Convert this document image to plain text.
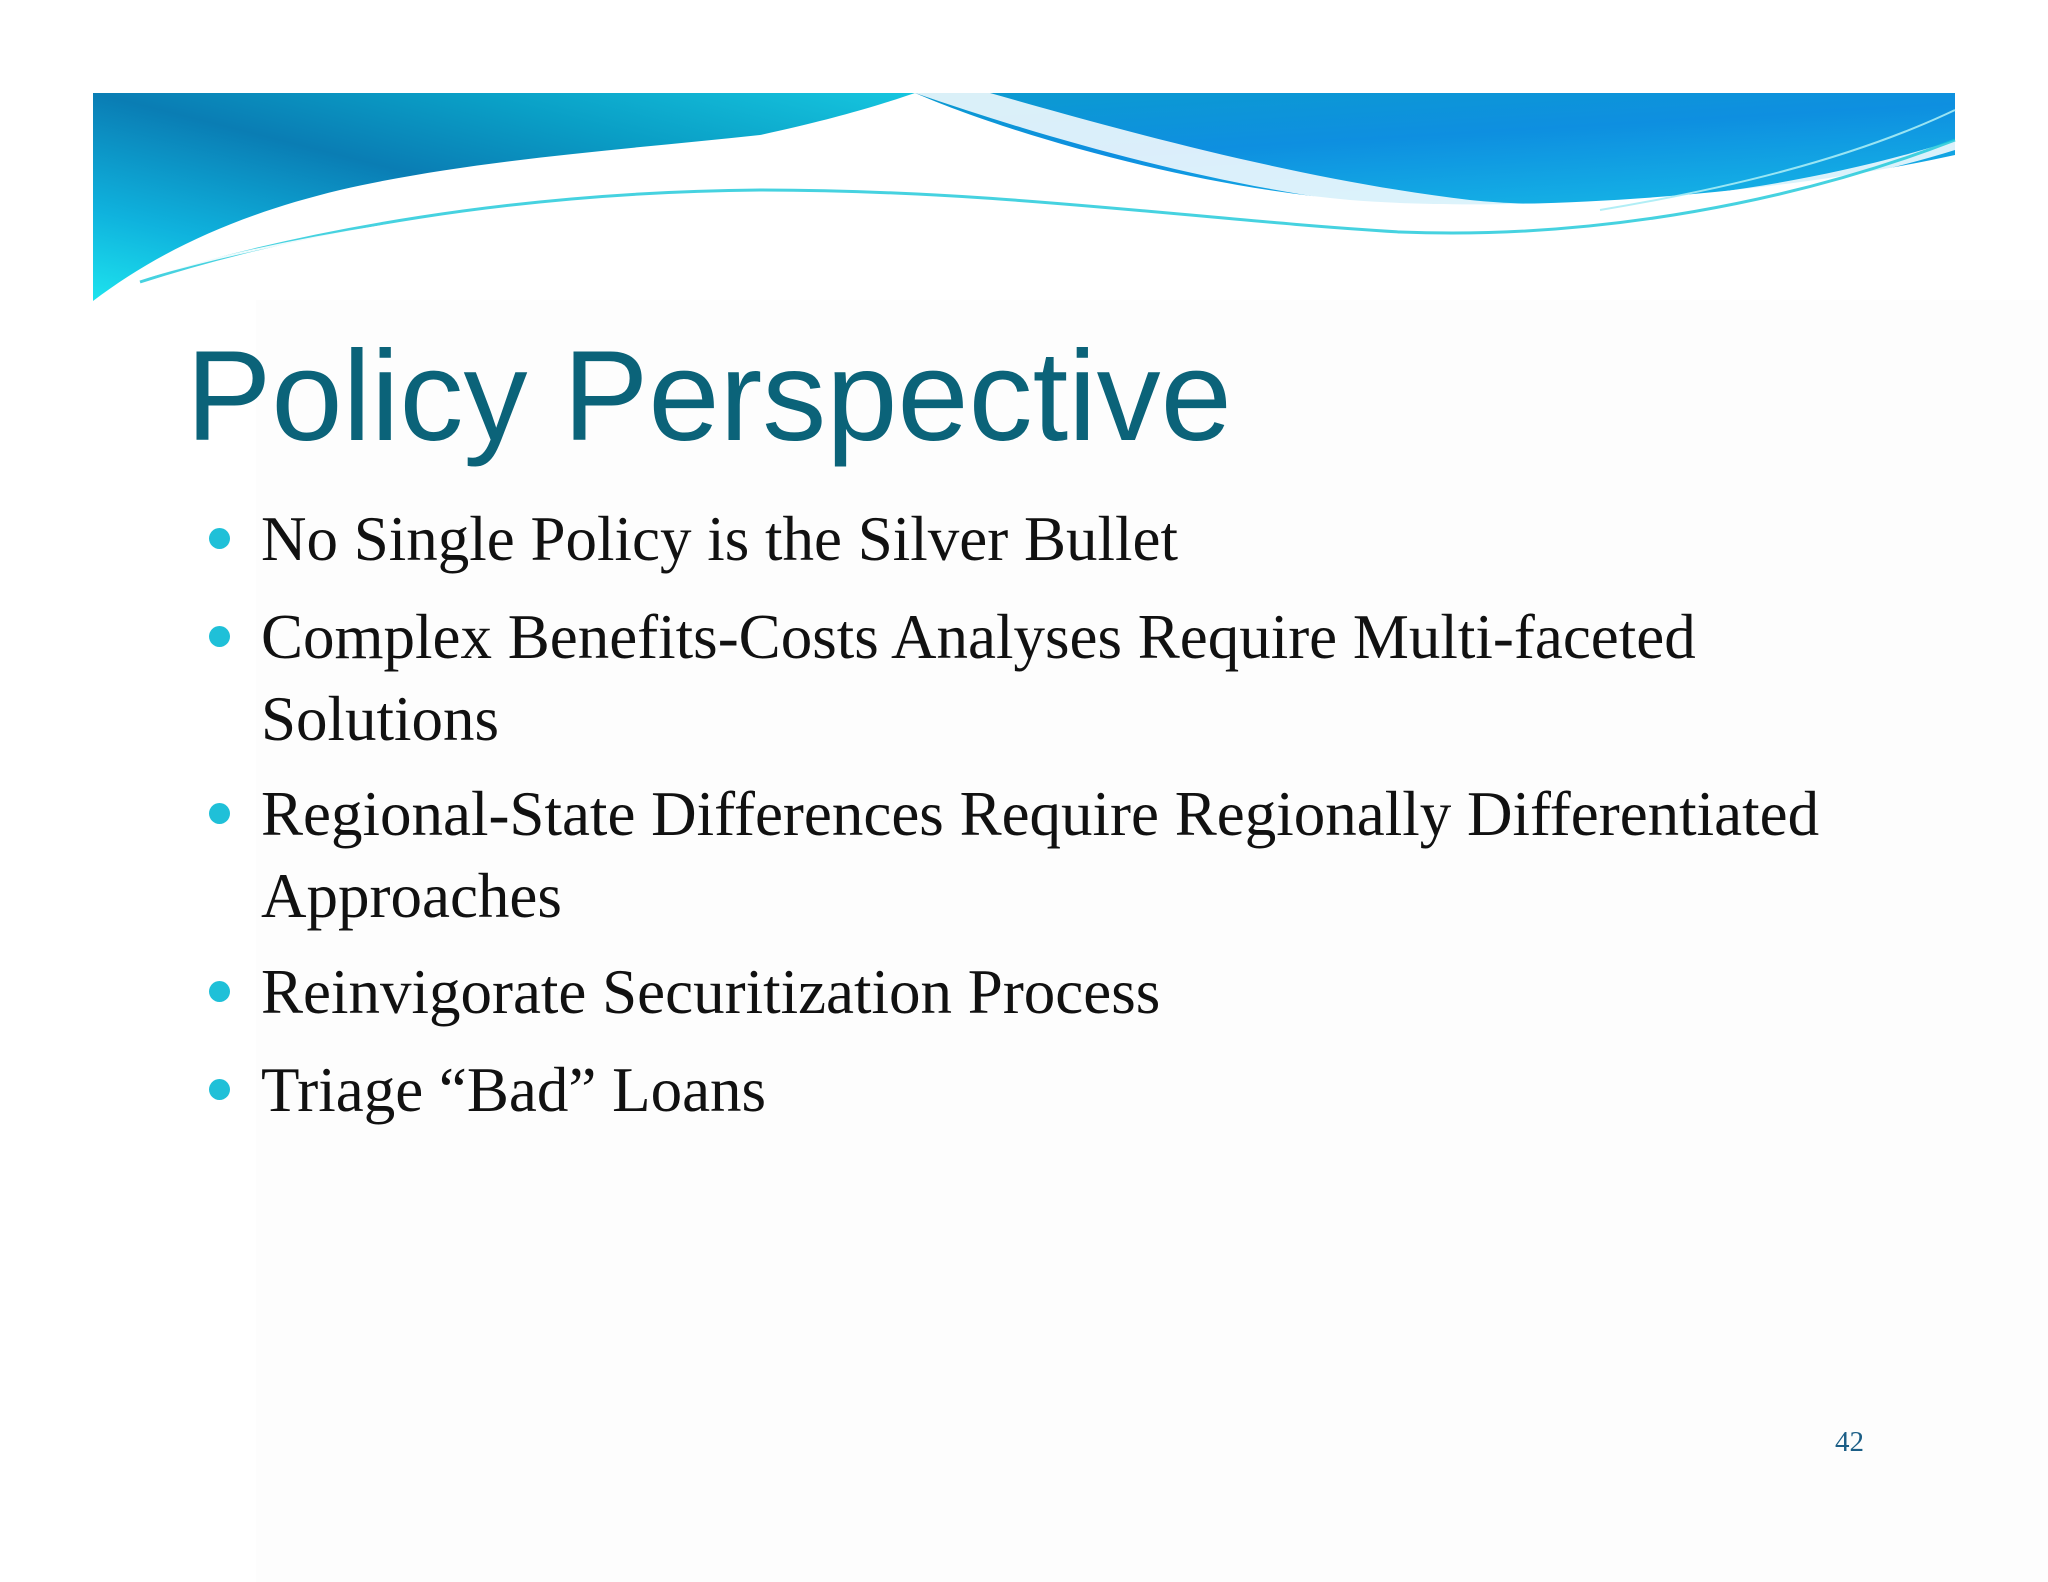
Policy Perspective
No Single Policy is the Silver Bullet
Complex Benefits-Costs Analyses Require Multi-faceted Solutions
Regional-State Differences Require Regionally Differentiated Approaches
Reinvigorate Securitization Process
Triage “Bad” Loans
42
